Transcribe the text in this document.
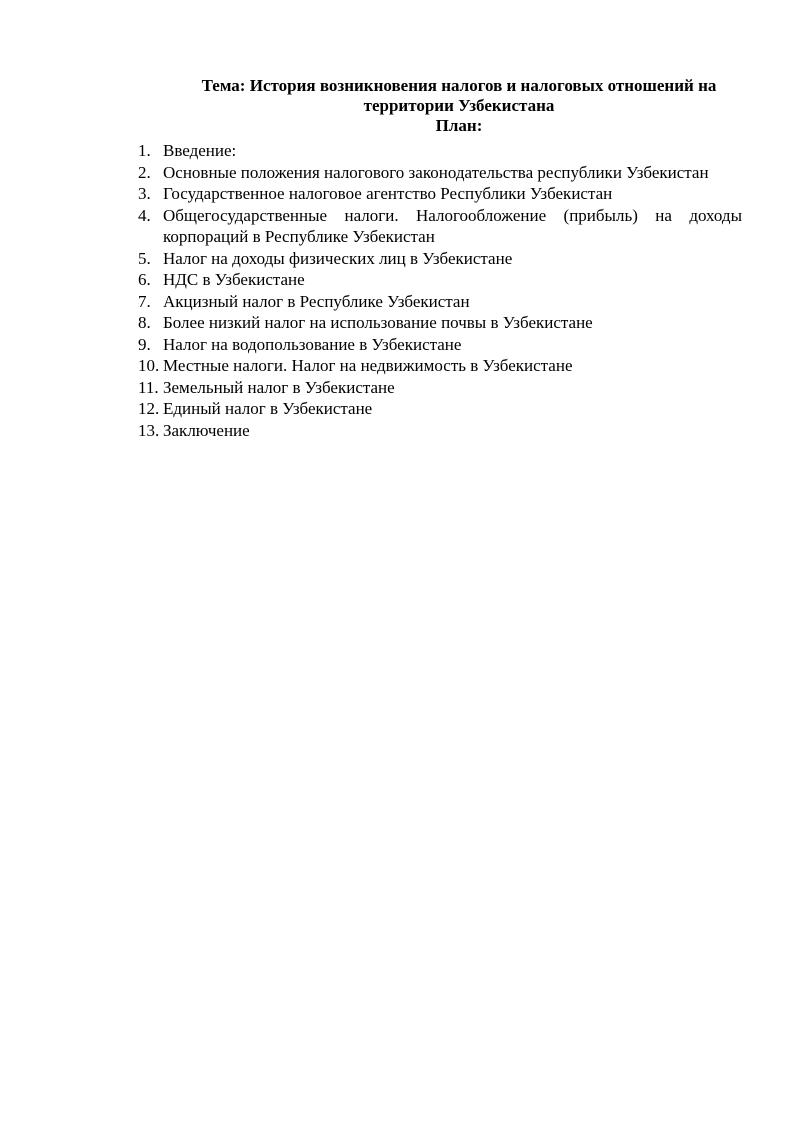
Тема: История возникновения налогов и налоговых отношений на
территории Узбекистана
План:
1. Введение:
2. Основные положения налогового законодательства республики Узбекистан
3. Государственное налоговое агентство Республики Узбекистан
4. Общегосударственные налоги. Налогообложение (прибыль) на доходы корпораций в Республике Узбекистан
5. Налог на доходы физических лиц в Узбекистане
6. НДС в Узбекистане
7. Акцизный налог в Республике Узбекистан
8. Более низкий налог на использование почвы в Узбекистане
9. Налог на водопользование в Узбекистане
10. Местные налоги. Налог на недвижимость в Узбекистане
11. Земельный налог в Узбекистане
12. Единый налог в Узбекистане
13. Заключение
